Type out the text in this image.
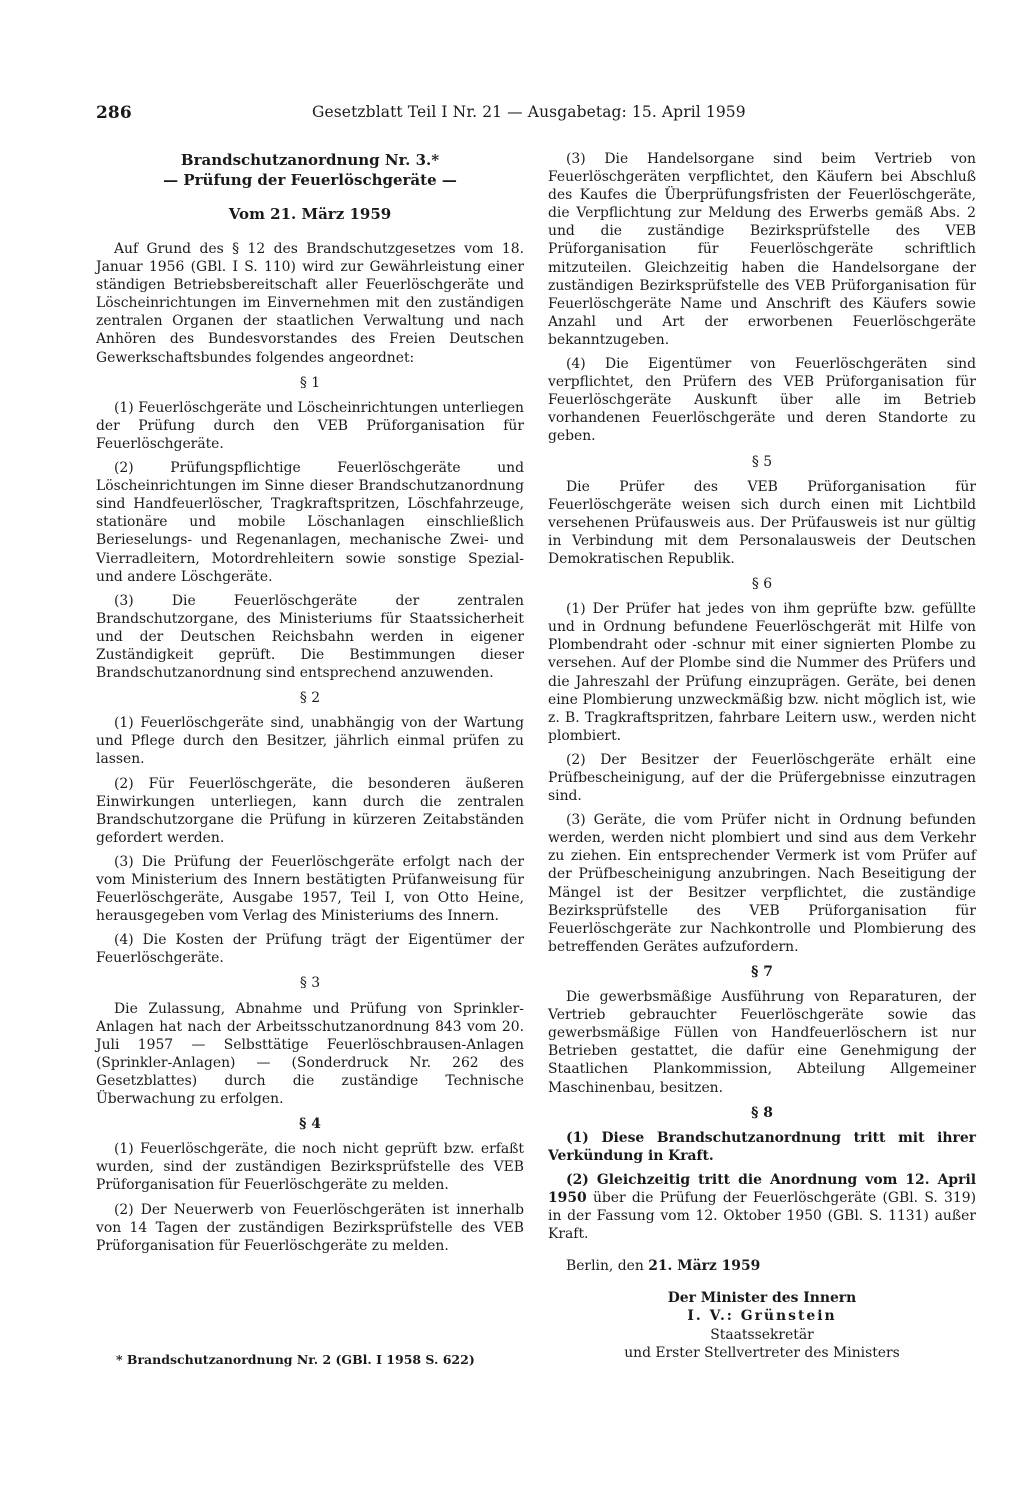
286	Gesetzblatt Teil I Nr. 21 — Ausgabetag: 15. April 1959
Brandschutzanordnung Nr. 3.*
— Prüfung der Feuerlöschgeräte —
Vom 21. März 1959

Auf Grund des § 12 des Brandschutzgesetzes vom 18. Januar 1956 (GBl. I S. 110) wird zur Gewährleistung einer ständigen Betriebsbereitschaft aller Feuerlöschgeräte und Löscheinrichtungen im Einvernehmen mit den zuständigen zentralen Organen der staatlichen Verwaltung und nach Anhören des Bundesvorstandes des Freien Deutschen Gewerkschaftsbundes folgendes angeordnet:

§ 1

(1) Feuerlöschgeräte und Löscheinrichtungen unterliegen der Prüfung durch den VEB Prüforganisation für Feuerlöschgeräte.

(2) Prüfungspflichtige Feuerlöschgeräte und Löscheinrichtungen im Sinne dieser Brandschutzanordnung sind Handfeuerlöscher, Tragkraftspritzen, Löschfahrzeuge, stationäre und mobile Löschanlagen einschließlich Berieselungs- und Regenanlagen, mechanische Zwei- und Vierradleitern, Motordrehleitern sowie sonstige Spezial- und andere Löschgeräte.

(3) Die Feuerlöschgeräte der zentralen Brandschutzorgane, des Ministeriums für Staatssicherheit und der Deutschen Reichsbahn werden in eigener Zuständigkeit geprüft. Die Bestimmungen dieser Brandschutzanordnung sind entsprechend anzuwenden.

§ 2

(1) Feuerlöschgeräte sind, unabhängig von der Wartung und Pflege durch den Besitzer, jährlich einmal prüfen zu lassen.

(2) Für Feuerlöschgeräte, die besonderen äußeren Einwirkungen unterliegen, kann durch die zentralen Brandschutzorgane die Prüfung in kürzeren Zeitabständen gefordert werden.

(3) Die Prüfung der Feuerlöschgeräte erfolgt nach der vom Ministerium des Innern bestätigten Prüfanweisung für Feuerlöschgeräte, Ausgabe 1957, Teil I, von Otto Heine, herausgegeben vom Verlag des Ministeriums des Innern.

(4) Die Kosten der Prüfung trägt der Eigentümer der Feuerlöschgeräte.

§ 3

Die Zulassung, Abnahme und Prüfung von Sprinkler-Anlagen hat nach der Arbeitsschutzanordnung 843 vom 20. Juli 1957 — Selbsttätige Feuerlöschbrausen-Anlagen (Sprinkler-Anlagen) — (Sonderdruck Nr. 262 des Gesetzblattes) durch die zuständige Technische Überwachung zu erfolgen.

§ 4

(1) Feuerlöschgeräte, die noch nicht geprüft bzw. erfaßt wurden, sind der zuständigen Bezirksprüfstelle des VEB Prüforganisation für Feuerlöschgeräte zu melden.

(2) Der Neuerwerb von Feuerlöschgeräten ist innerhalb von 14 Tagen der zuständigen Bezirksprüfstelle des VEB Prüforganisation für Feuerlöschgeräte zu melden.

(3) Die Handelsorgane sind beim Vertrieb von Feuerlöschgeräten verpflichtet, den Käufern bei Abschluß des Kaufes die Überprüfungsfristen der Feuerlöschgeräte, die Verpflichtung zur Meldung des Erwerbs gemäß Abs. 2 und die zuständige Bezirksprüfstelle des VEB Prüforganisation für Feuerlöschgeräte schriftlich mitzuteilen. Gleichzeitig haben die Handelsorgane der zuständigen Bezirksprüfstelle des VEB Prüforganisation für Feuerlöschgeräte Name und Anschrift des Käufers sowie Anzahl und Art der erworbenen Feuerlöschgeräte bekanntzugeben.

(4) Die Eigentümer von Feuerlöschgeräten sind verpflichtet, den Prüfern des VEB Prüforganisation für Feuerlöschgeräte Auskunft über alle im Betrieb vorhandenen Feuerlöschgeräte und deren Standorte zu geben.

§ 5

Die Prüfer des VEB Prüforganisation für Feuerlöschgeräte weisen sich durch einen mit Lichtbild versehenen Prüfausweis aus. Der Prüfausweis ist nur gültig in Verbindung mit dem Personalausweis der Deutschen Demokratischen Republik.

§ 6

(1) Der Prüfer hat jedes von ihm geprüfte bzw. gefüllte und in Ordnung befundene Feuerlöschgerät mit Hilfe von Plombendraht oder -schnur mit einer signierten Plombe zu versehen. Auf der Plombe sind die Nummer des Prüfers und die Jahreszahl der Prüfung einzuprägen. Geräte, bei denen eine Plombierung unzweckmäßig bzw. nicht möglich ist, wie z. B. Tragkraftspritzen, fahrbare Leitern usw., werden nicht plombiert.

(2) Der Besitzer der Feuerlöschgeräte erhält eine Prüfbescheinigung, auf der die Prüfergebnisse einzutragen sind.

(3) Geräte, die vom Prüfer nicht in Ordnung befunden werden, werden nicht plombiert und sind aus dem Verkehr zu ziehen. Ein entsprechender Vermerk ist vom Prüfer auf der Prüfbescheinigung anzubringen. Nach Beseitigung der Mängel ist der Besitzer verpflichtet, die zuständige Bezirksprüfstelle des VEB Prüforganisation für Feuerlöschgeräte zur Nachkontrolle und Plombierung des betreffenden Gerätes aufzufordern.

§ 7

Die gewerbsmäßige Ausführung von Reparaturen, der Vertrieb gebrauchter Feuerlöschgeräte sowie das gewerbsmäßige Füllen von Handfeuerlöschern ist nur Betrieben gestattet, die dafür eine Genehmigung der Staatlichen Plankommission, Abteilung Allgemeiner Maschinenbau, besitzen.

§ 8

(1) Diese Brandschutzanordnung tritt mit ihrer Verkündung in Kraft.

(2) Gleichzeitig tritt die Anordnung vom 12. April 1950 über die Prüfung der Feuerlöschgeräte (GBl. S. 319) in der Fassung vom 12. Oktober 1950 (GBl. S. 1131) außer Kraft.

Berlin, den 21. März 1959

Der Minister des Innern
I. V.: Grünstein
Staatssekretär
und Erster Stellvertreter des Ministers
* Brandschutzanordnung Nr. 2 (GBl. I 1958 S. 622)
